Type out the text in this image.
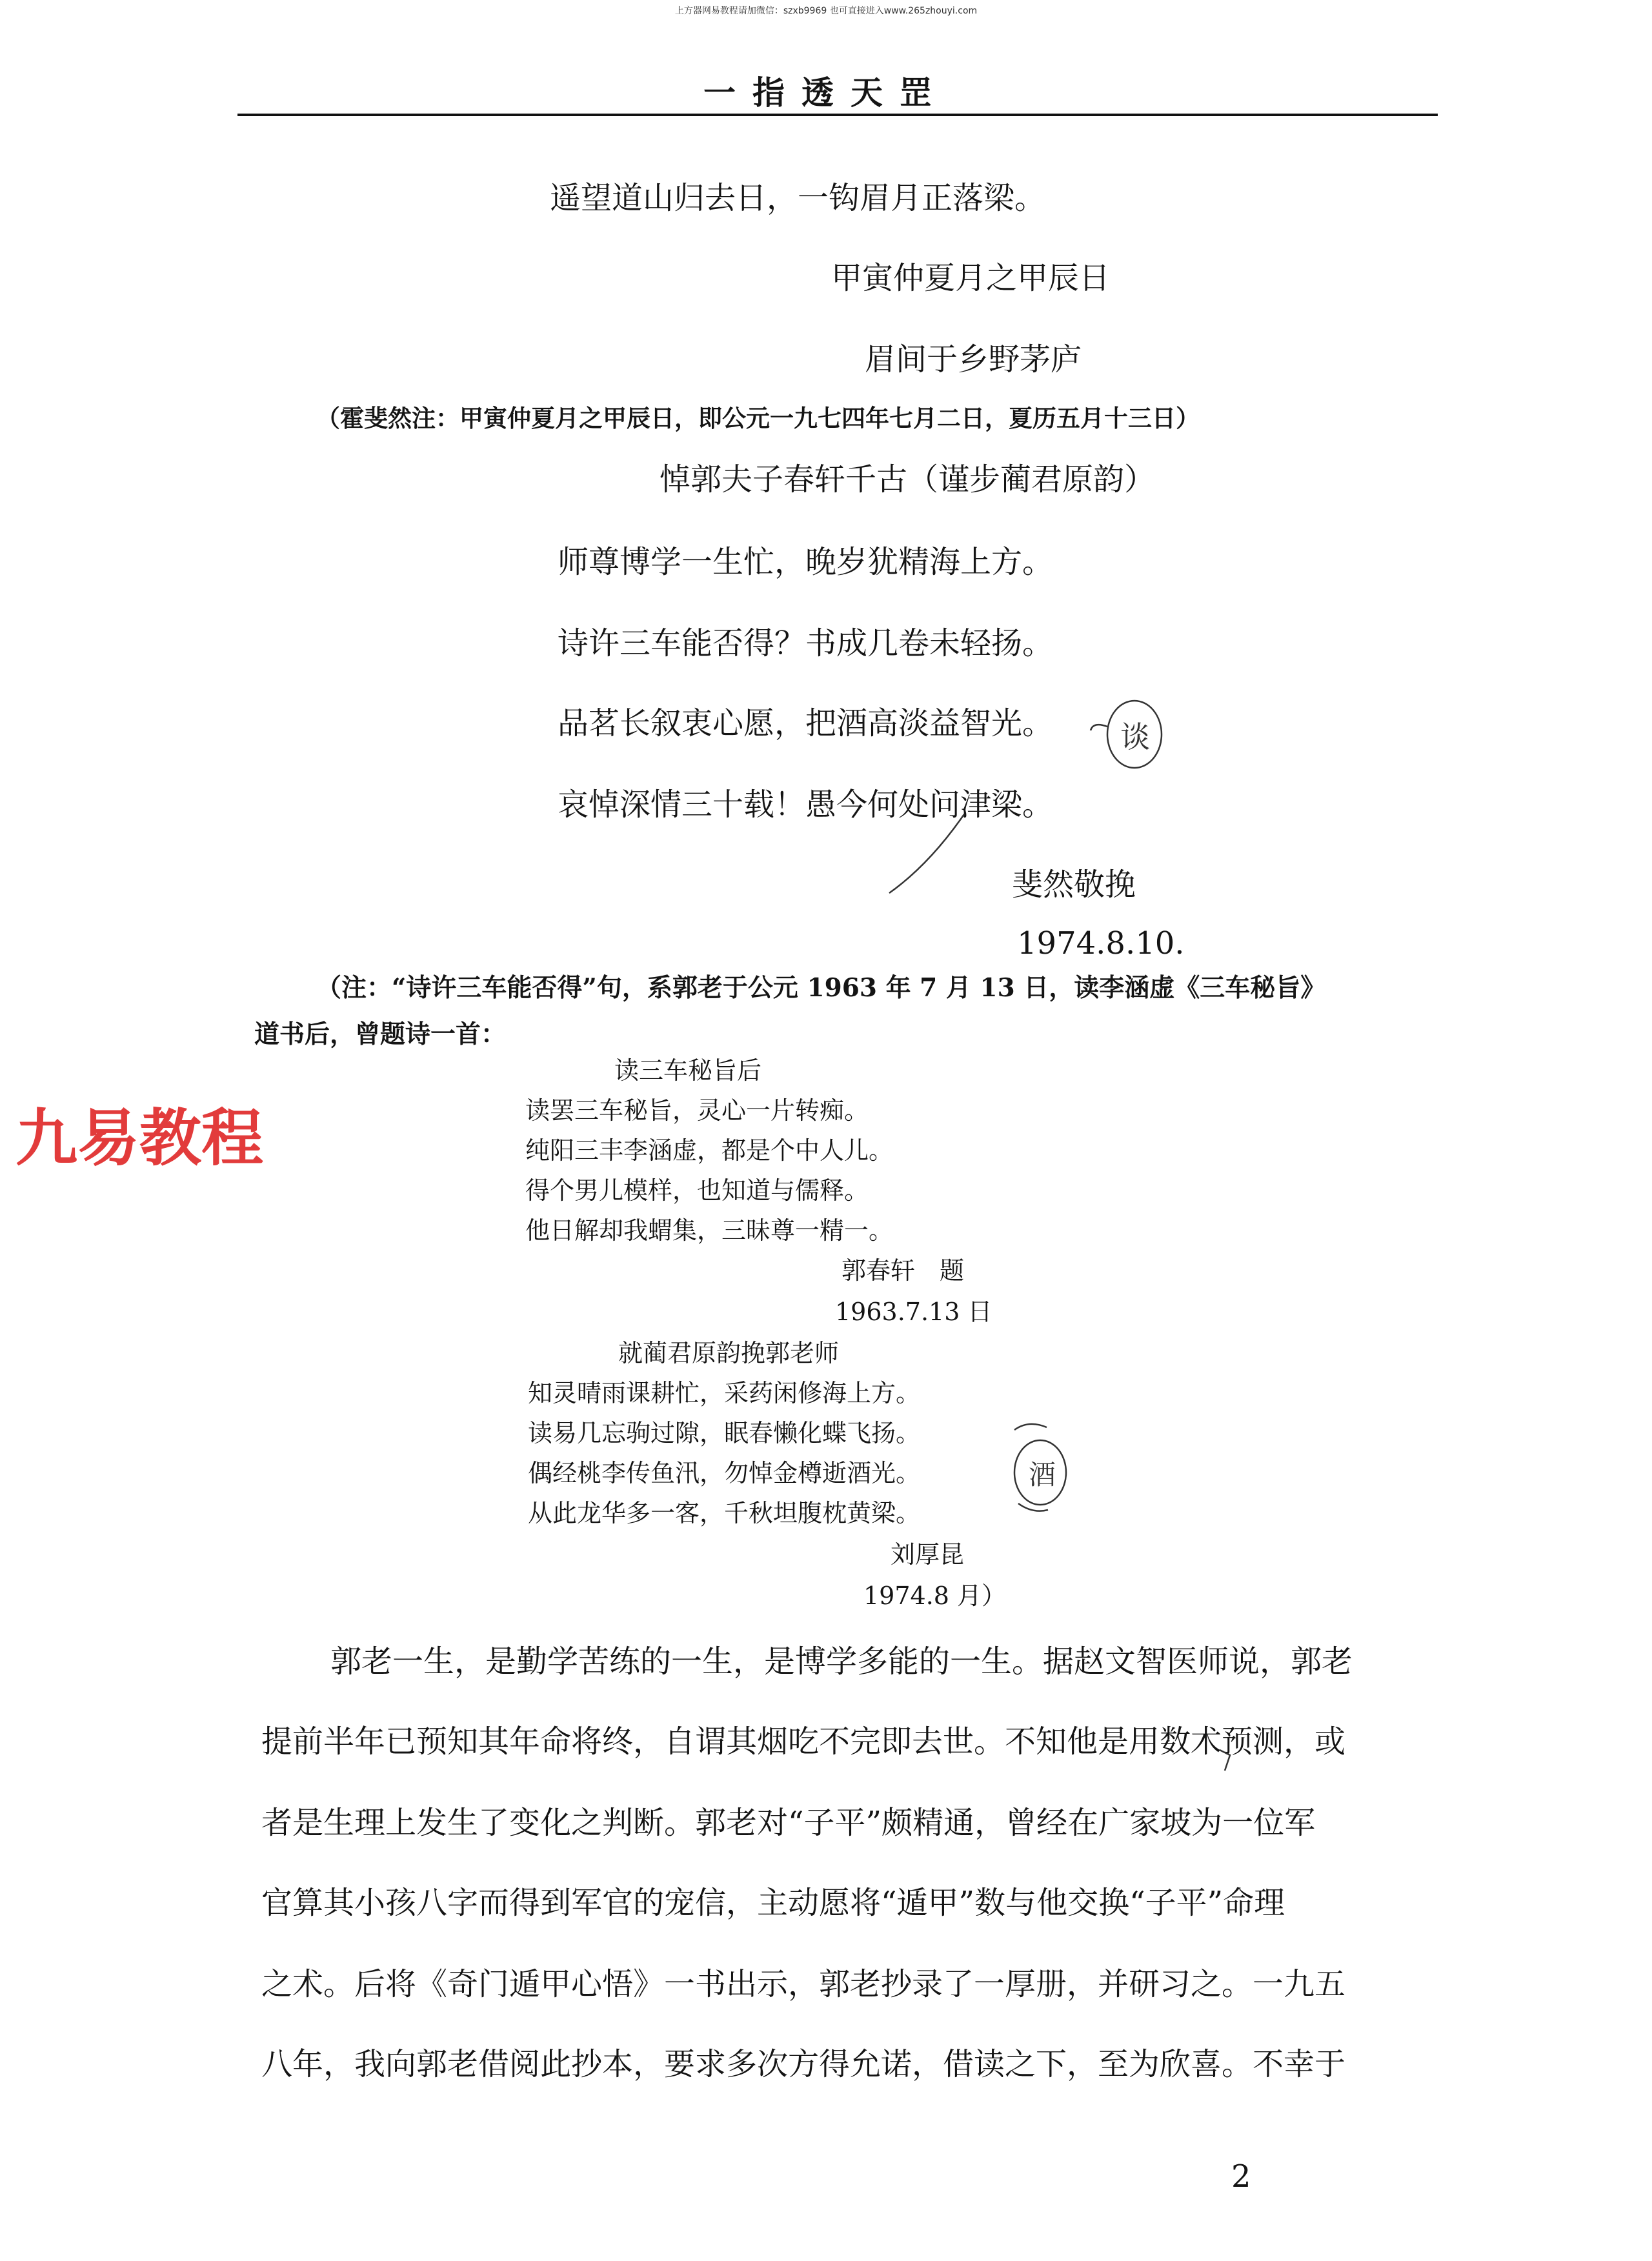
上方器网易教程请加微信：szxb9969 也可直接进入www.265zhouyi.com
一指透天罡
遥望道山归去日，一钩眉月正落梁。
甲寅仲夏月之甲辰日
眉间于乡野茅庐
（霍斐然注：甲寅仲夏月之甲辰日，即公元一九七四年七月二日，夏历五月十三日）
悼郭夫子春轩千古（谨步蔺君原韵）
师尊博学一生忙，晚岁犹精海上方。
诗许三车能否得？书成几卷未轻扬。
品茗长叙衷心愿，把酒高淡益智光。
哀悼深情三十载！愚今何处问津梁。
斐然敬挽
1974.8.10.
（注：“诗许三车能否得”句，系郭老于公元 1963 年 7 月 13 日，读李涵虚《三车秘旨》
道书后，曾题诗一首：
九易教程
读三车秘旨后
读罢三车秘旨，灵心一片转痴。
纯阳三丰李涵虚，都是个中人儿。
得个男儿模样，也知道与儒释。
他日解却我蝟集，三昧尊一精一。
郭春轩　题
1963.7.13 日
就蔺君原韵挽郭老师
知灵晴雨课耕忙，采药闲修海上方。
读易几忘驹过隙，眠春懒化蝶飞扬。
偶经桃李传鱼汛，勿悼金樽逝酒光。
从此龙华多一客，千秋坦腹枕黄梁。
刘厚昆
1974.8 月）
郭老一生，是勤学苦练的一生，是博学多能的一生。据赵文智医师说，郭老
提前半年已预知其年命将终，自谓其烟吃不完即去世。不知他是用数术预测，或
者是生理上发生了变化之判断。郭老对“子平”颇精通，曾经在广家坡为一位军
官算其小孩八字而得到军官的宠信，主动愿将“遁甲”数与他交换“子平”命理
之术。后将《奇门遁甲心悟》一书出示，郭老抄录了一厚册，并研习之。一九五
八年，我向郭老借阅此抄本，要求多次方得允诺，借读之下，至为欣喜。不幸于
谈
酒
2
